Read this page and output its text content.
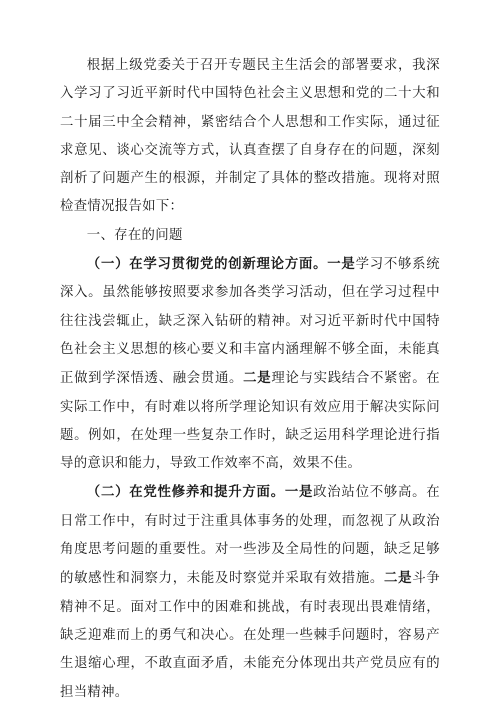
根据上级党委关于召开专题民主生活会的部署要求，我深入学习了习近平新时代中国特色社会主义思想和党的二十大和二十届三中全会精神，紧密结合个人思想和工作实际，通过征求意见、谈心交流等方式，认真查摆了自身存在的问题，深刻剖析了问题产生的根源，并制定了具体的整改措施。现将对照检查情况报告如下：

一、存在的问题

（一）在学习贯彻党的创新理论方面。一是学习不够系统深入。虽然能够按照要求参加各类学习活动，但在学习过程中往往浅尝辄止，缺乏深入钻研的精神。对习近平新时代中国特色社会主义思想的核心要义和丰富内涵理解不够全面，未能真正做到学深悟透、融会贯通。二是理论与实践结合不紧密。在实际工作中，有时难以将所学理论知识有效应用于解决实际问题。例如，在处理一些复杂工作时，缺乏运用科学理论进行指导的意识和能力，导致工作效率不高，效果不佳。

（二）在党性修养和提升方面。一是政治站位不够高。在日常工作中，有时过于注重具体事务的处理，而忽视了从政治角度思考问题的重要性。对一些涉及全局性的问题，缺乏足够的敏感性和洞察力，未能及时察觉并采取有效措施。二是斗争精神不足。面对工作中的困难和挑战，有时表现出畏难情绪，缺乏迎难而上的勇气和决心。在处理一些棘手问题时，容易产生退缩心理，不敢直面矛盾，未能充分体现出共产党员应有的担当精神。
